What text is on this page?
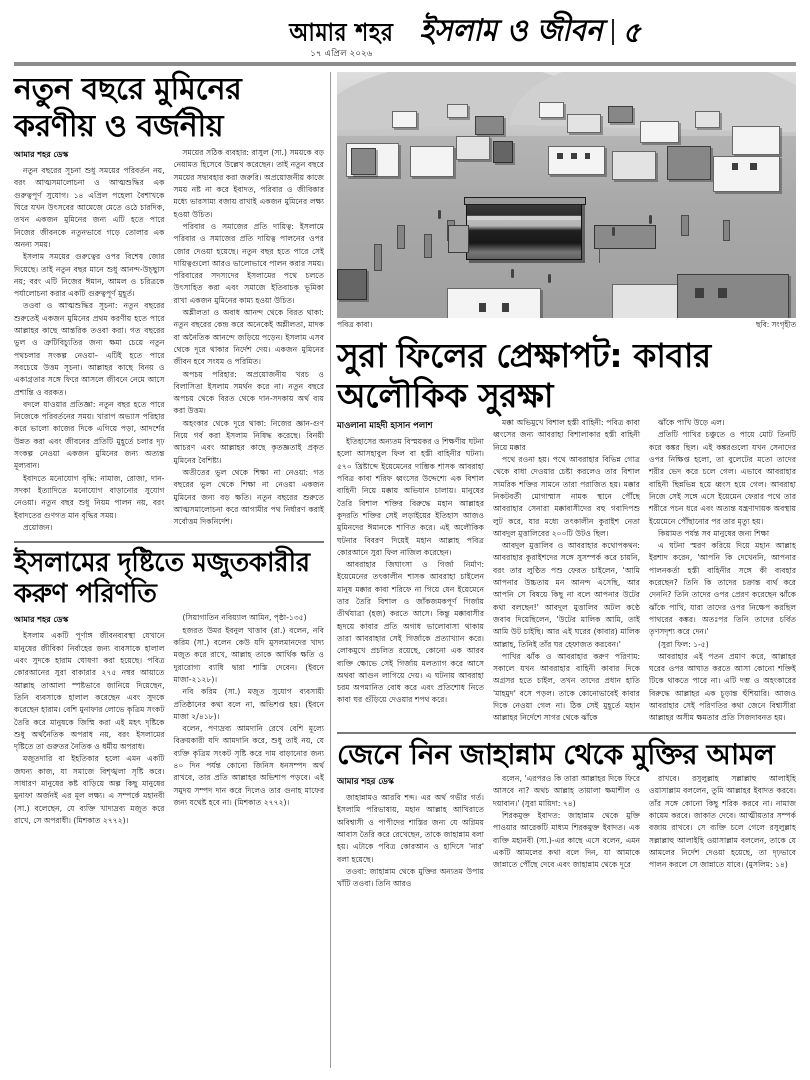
আমার শহর
১৭ এপ্রিল ২০২৬
ইসলাম ও জীবন ৫
নতুন বছরে মুমিনের করণীয় ও বর্জনীয়
আমার শহর ডেস্ক

নতুন বছরের সূচনা শুধু সময়ের পরিবর্তন নয়, বরং আত্মসমালোচনা ও আত্মশুদ্ধির এক গুরুত্বপূর্ণ সুযোগ। ১৪ এপ্রিল পহেলা বৈশাখকে ঘিরে যখন উৎসবের আমেজে মেতে ওঠে চারদিক, তখন একজন মুমিনের জন্য এটি হতে পারে নিজের জীবনকে নতুনভাবে গড়ে তোলার এক অনন্য সময়।

ইসলাম সময়ের গুরুত্বের ওপর বিশেষ জোর দিয়েছে। তাই নতুন বছর মানে শুধু আনন্দ-উচ্ছ্বাস নয়; বরং এটি নিজের ঈমান, আমল ও চরিত্রকে পর্যালোচনা করার একটি গুরুত্বপূর্ণ মুহূর্ত।

তওবা ও আত্মশুদ্ধির সূচনা: নতুন বছরের শুরুতেই একজন মুমিনের প্রথম করণীয় হতে পারে আল্লাহর কাছে আন্তরিক তওবা করা। গত বছরের ভুল ও ত্রুটিবিচ্যুতির জন্য ক্ষমা চেয়ে নতুন পথচলার সংকল্প নেওয়া– এটিই হতে পারে সবচেয়ে উত্তম সূচনা। আল্লাহর কাছে বিনয় ও একাগ্রতার সঙ্গে ফিরে আসলে জীবনে নেমে আসে প্রশান্তি ও বরকত।

বদলে যাওয়ার প্রতিজ্ঞা: নতুন বছর হতে পারে নিজেকে পরিবর্তনের সময়। খারাপ অভ্যাস পরিহার করে ভালো কাজের দিকে এগিয়ে পড়া, আদর্শের উন্নত করা এবং জীবনের প্রতিটি মুহূর্তে চলার দৃঢ় সংকল্প নেওয়া একজন মুমিনের জন্য অত্যন্ত মূল্যবান।

ইবাদতে মনোযোগ বৃদ্ধি: নামাজ, রোজা, দান-সদকা ইত্যাদিতে মনোযোগ বাড়ানোর সুযোগ নেওয়া। নতুন বছর শুধু নিয়ম পালন নয়, বরং ইবাদতের গুণগত মান বৃদ্ধির সময়।

প্রয়োজন।

সময়ের সঠিক ব্যবহার: রাসুল (সা.) সময়কে বড় নেয়ামত হিসেবে উল্লেখ করেছেন। তাই নতুন বছরে সময়ের সদ্ব্যবহার করা জরুরি। অপ্রয়োজনীয় কাজে সময় নষ্ট না করে ইবাদত, পরিবার ও জীবিকার মধ্যে ভারসাম্য বজায় রাখাই একজন মুমিনের লক্ষ্য হওয়া উচিত।

পরিবার ও সমাজের প্রতি দায়িত্ব: ইসলামে পরিবার ও সমাজের প্রতি দায়িত্ব পালনের ওপর জোর দেওয়া হয়েছে। নতুন বছর হতে পারে সেই দায়িত্বগুলো আরও ভালোভাবে পালন করার সময়। পরিবারের সদস্যদের ইসলামের পথে চলতে উৎসাহিত করা এবং সমাজে ইতিবাচক ভূমিকা রাখা একজন মুমিনের কাম্য হওয়া উচিত।

অশ্লীলতা ও অবাধ আনন্দ থেকে বিরত থাকা: নতুন বছরের কেন্দ্র করে অনেকেই অশ্লীলতা, মাদক বা অনৈতিক আনন্দে জড়িয়ে পড়েন। ইসলাম এসব থেকে দূরে থাকার নির্দেশ দেয়। একজন মুমিনের জীবন হবে সংযম ও পরিমিত।

অপচয় পরিহার: অপ্রয়োজনীয় খরচ ও বিলাসিতা ইসলাম সমর্থন করে না। নতুন বছরে অপচয় থেকে বিরত থেকে দান-সদকায় অর্থ ব্যয় করা উত্তম।

অহংকার থেকে দূরে থাকা: নিজের জ্ঞান-গুণ নিয়ে গর্ব করা ইসলাম নিষিদ্ধ করেছে। বিনয়ী আচরণ এবং আল্লাহর কাছে কৃতজ্ঞতাই প্রকৃত মুমিনের বৈশিষ্ট্য।

অতীতের ভুল থেকে শিক্ষা না নেওয়া: গত বছরের ভুল থেকে শিক্ষা না নেওয়া একজন মুমিনের জন্য বড় ক্ষতি। নতুন বছরের শুরুতে আত্মসমালোচনা করে আগামীর পথ নির্ধারণ করাই সর্বোত্তম দিকনির্দেশ।

ইসলামের দৃষ্টিতে মজুতকারীর করুণ পরিণতি
আমার শহর ডেস্ক

ইসলাম একটি পূর্ণাঙ্গ জীবনব্যবস্থা যেখানে মানুষের জীবিকা নির্বাহের জন্য ব্যবসাকে হালাল এবং সুদকে হারাম ঘোষণা করা হয়েছে। পবিত্র কোরআনের সুরা বাকারার ২৭৫ নম্বর আয়াতে আল্লাহ তাআলা স্পষ্টভাবে জানিয়ে দিয়েছেন, তিনি ব্যবসাকে হালাল করেছেন এবং সুদকে করেছেন হারাম। বেশি মুনাফার লোভে কৃত্রিম সংকট তৈরি করে মানুষকে জিম্মি করা এই মহৎ দৃষ্টিকে শুধু অর্থনৈতিক অপরাধ নয়, বরং ইসলামের দৃষ্টিতে তা গুরুতর নৈতিক ও ধর্মীয় অপরাধ।

মজুতদারি বা ইহতিকার হলো এমন একটি জঘন্য কাজ, যা সমাজে বিশৃঙ্খলা সৃষ্টি করে। সাধারণ মানুষের কষ্ট বাড়িয়ে অল্প কিছু মানুষের মুনাফা অর্জনই এর মূল লক্ষ্য। এ সম্পর্কে মহানবী (সা.) বলেছেন, যে ব্যক্তি খাদ্যদ্রব্য মজুত করে রাখে, সে অপরাধী। (মিশকাত ২৭৭২)।

(সিয়াগাতিন নবিয়্যাল আমিন, পৃষ্ঠা-১৩৫)

হজরত উমর ইবনুল খাত্তাব (রা.) বলেন, নবি করিম (সা.) বলেন কেউ যদি মুসলমানদের খাদ্য মজুত করে রাখে, আল্লাহ তাকে আর্থিক ক্ষতি ও দুরারোগ্য ব্যাধি দ্বারা শাস্তি দেবেন। (ইবনে মাজা-২১২৮)।

নবি করিম (সা.) মজুত সুযোগ ব্যবসায়ী প্রতিষ্ঠানের কথা বলে না, অভিশপ্ত হয়। (ইবনে মাজা ২/৪১৮)।

বলেন, পণ্যদ্রব্য আমদানি রেখে বেশি মূল্যে বিক্রয়কারী যদি আমদানি করে, শুধু তাই নয়, যে ব্যক্তি কৃত্রিম সংকট সৃষ্টি করে দাম বাড়ানোর জন্য ৪০ দিন পর্যন্ত কোনো জিনিস ধনসম্পদ অর্থ রাখবে, তার প্রতি আল্লাহর অভিশাপ পড়বে। এই সমুদয় সম্পদ দান করে দিলেও তার গুনাহ মাফের জন্য যথেষ্ট হবে না। (মিশকাত ২৭৭২)।

পবিত্র কাবা।	ছবি: সংগৃহীত
সুরা ফিলের প্রেক্ষাপট: কাবার অলৌকিক সুরক্ষা
মাওলানা মাহদী হাসান পলাশ

ইতিহাসের অন্যতম বিস্ময়কর ও শিক্ষণীয় ঘটনা হলো আসহাবুল ফিল বা হস্তী বাহিনীর ঘটনা। ৫৭০ খ্রিষ্টাব্দে ইয়েমেনের দাম্ভিক শাসক আবরাহা পবিত্র কাবা শরিফ ধ্বংসের উদ্দেশ্যে এক বিশাল বাহিনী নিয়ে মক্কায় অভিযান চালায়। মানুষের তৈরি বিশাল শক্তির বিরুদ্ধে মহান আল্লাহর কুদরতি শক্তির সেই লড়াইয়ের ইতিহাস আজও মুমিনদের ঈমানকে শাণিত করে। এই অলৌকিক ঘটনার বিবরণ দিয়েই মহান আল্লাহ পবিত্র কোরআনে সুরা ফিল নাজিল করেছেন।

আবরাহার জিঘাংসা ও গির্জা নির্মাণ: ইয়েমেনের তৎকালীন শাসক আবরাহা চাইলেন মানুষ মক্কার কাবা শরিফে না গিয়ে যেন ইয়েমেনে তার তৈরি বিশাল ও জাঁকজমকপূর্ণ গির্জায় তীর্থযাত্রা (হজ) করতে আসে। কিন্তু মক্কাবাসীর হৃদয়ে কাবার প্রতি অগাধ ভালোবাসা থাকায় তারা আবরাহার সেই গির্জাকে প্রত্যাখ্যান করে। লোকমুখে প্রচলিত রয়েছে, কোনো এক আরব ব্যক্তি ক্ষোভে সেই গির্জায় মলত্যাগ করে আসে অথবা আগুন লাগিয়ে দেয়। এ ঘটনায় আবরাহা চরম অপমানিত বোধ করে এবং প্রতিশোধ নিতে কাবা ঘর গুঁড়িয়ে দেওয়ার শপথ করে।

মক্কা অভিমুখে বিশাল হস্তী বাহিনী: পবিত্র কাবা ধ্বংসের জন্য আবরাহা বিশালাকার হস্তী বাহিনী নিয়ে মক্কার

পথে রওনা হয়। পথে আবরাহার বিভিন্ন গোত্র থেকে বাধা দেওয়ার চেষ্টা করলেও তার বিশাল সামরিক শক্তির সামনে তারা পরাজিত হয়। মক্কার নিকটবর্তী মোগাম্মাস নামক স্থানে পৌঁছে আবরাহার সেনারা মক্কাবাসীদের বহু গবাদিপশু লুট করে, যার মধ্যে তৎকালীন কুরাইশ নেতা আবদুল মুত্তালিবের ২০০টি উটও ছিল।

আবদুল মুত্তালিব ও আবরাহার কথোপকথন: আবরাহার কুরাইশদের সঙ্গে সুসম্পর্ক করে চায়নি, বরং তার লুণ্ঠিত পশু ফেরত চাইলেন, 'আমি আপনার উচ্চতায় মন আনন্দ এসেছি, আর আপনি সে বিষয়ে কিছু না বলে আপনার উটের কথা বলছেন!' আবদুল মুত্তালিব অটল কণ্ঠে জবাব দিয়েছিলেন, 'উটের মালিক আমি, তাই আমি উট চাইছি। আর এই ঘরের (কাবার) মালিক আল্লাহ, তিনিই তাঁর ঘর হেফাজত করবেন।'

পাখির ঝাঁক ও আবরাহার করুণ পরিণাম: সকালে যখন আবরাহার বাহিনী কাবার দিকে অগ্রসর হতে চাইল, তখন তাদের প্রধান হাতি 'মাহমুদ' বসে পড়ল। তাকে কোনোভাবেই কাবার দিকে নেওয়া গেল না। ঠিক সেই মুহূর্তে মহান আল্লাহর নির্দেশে সাগর থেকে ঝাঁকে

ঝাঁকে পাখি উড়ে এল।

প্রতিটি পাখির চঞ্চুতে ও পায়ে মোট তিনটি করে কঙ্কর ছিল। এই কঙ্করগুলো যখন সেনাদের ওপর নিক্ষিপ্ত হলো, তা বুলেটের মতো তাদের শরীর ভেদ করে চলে গেল। এভাবে আবরাহার বাহিনী ছিন্নভিন্ন হয়ে ধ্বংস হয়ে গেল। আবরাহা নিজে সেই সঙ্গে এসে ইয়েমেন ফেরার পথে তার শরীরে পচন ধরে এবং অত্যন্ত যন্ত্রণাদায়ক অবস্থায় ইয়েমেনে পৌঁছানোর পর তার মৃত্যু হয়।

কিয়ামত পর্যন্ত সব মানুষের জন্য শিক্ষা

এ ঘটনা স্মরণ করিয়ে দিয়ে মহান আল্লাহ ইরশাদ করেন, 'আপনি কি দেখেননি, আপনার পালনকর্তা হস্তী বাহিনীর সঙ্গে কী ব্যবহার করেছেন? তিনি কি তাদের চক্রান্ত ব্যর্থ করে দেননি? তিনি তাদের ওপর প্রেরণ করেছেন ঝাঁকে ঝাঁকে পাখি, যারা তাদের ওপর নিক্ষেপ করছিল পাথরের কঙ্কর। অতঃপর তিনি তাদের চর্বিত তৃণসদৃশ্য করে দেন।'

(সুরা ফিল: ১-৫)

আবরাহার এই পতন প্রমাণ করে, আল্লাহর ঘরের ওপর আঘাত করতে আসা কোনো শক্তিই টিকে থাকতে পারে না। এটি দম্ভ ও অহংকারের বিরুদ্ধে আল্লাহর এক চূড়ান্ত হুঁশিয়ারি। আজও আবরাহার সেই পরিণতির কথা জেনে বিশ্বাসীরা আল্লাহর অসীম ক্ষমতার প্রতি সিজদাবনত হয়।

জেনে নিন জাহান্নাম থেকে মুক্তির আমল
আমার শহর ডেস্ক

জাহান্নামও আরবি শব্দ। এর অর্থ গভীর গর্ত। ইসলামি পরিভাষায়, মহান আল্লাহ আখিরাতে অবিশ্বাসী ও পাপীদের শাস্তির জন্য যে অগ্নিময় আবাস তৈরি করে রেখেছেন, তাকে জাহান্নাম বলা হয়। এটাকে পবিত্র কোরআন ও হাদিসে 'নার' বলা হয়েছে।

তওবা: জাহান্নাম থেকে মুক্তির অন্যতম উপায় খাঁটি তওবা। তিনি আরও

বলেন, 'এরপরও কি তারা আল্লাহর দিকে ফিরে আসবে না? অথচ আল্লাহ তায়ালা ক্ষমাশীল ও দয়াবান।' (সুরা মায়িদা: ৭৪)

শিরকমুক্ত ইবাদত: জাহান্নাম থেকে মুক্তি পাওয়ার আরেকটি মাধ্যম শিরকমুক্ত ইবাদত। এক ব্যক্তি মহানবী (সা.)-এর কাছে এসে বলেন, এমন একটি আমলের কথা বলে দিন, যা আমাকে জান্নাতে পৌঁছে দেবে এবং জাহান্নাম থেকে দূরে

রাখবে। রসুলুল্লাহ সল্লাল্লাহু আলাইহি ওয়াসাল্লাম বললেন, তুমি আল্লাহর ইবাদত করবে। তাঁর সঙ্গে কোনো কিছু শরিক করবে না। নামাজ কায়েম করবে। জাকাত দেবে। আত্মীয়তার সম্পর্ক বজায় রাখবে। সে ব্যক্তি চলে গেলে রসুলুল্লাহ সল্লাল্লাহু আলাইহি ওয়াসাল্লাম বললেন, তাকে যে আমলের নির্দেশ দেওয়া হয়েছে, তা দৃঢ়ভাবে পালন করলে সে জান্নাতে যাবে। (মুসলিম: ১৪)
